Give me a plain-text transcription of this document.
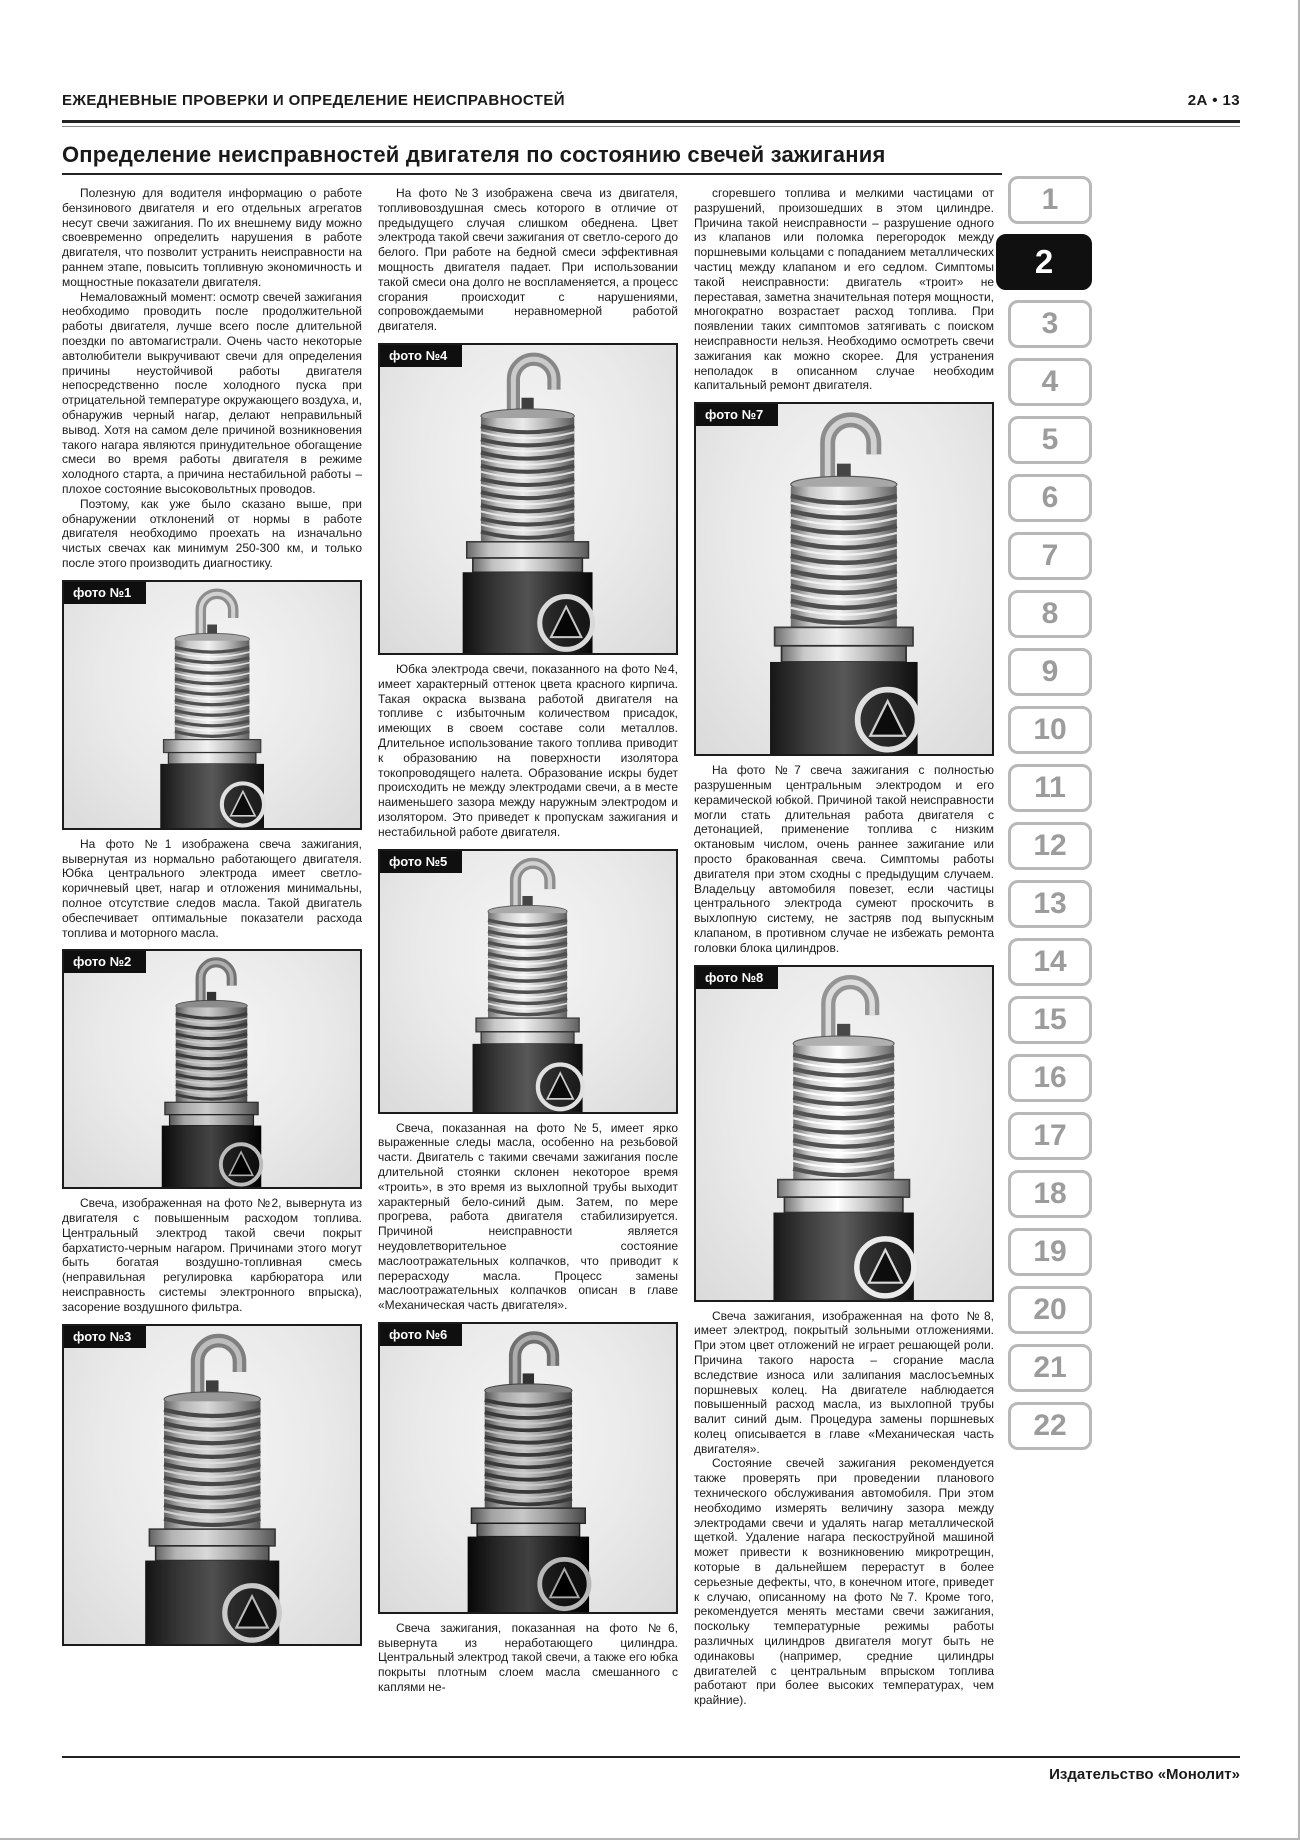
ЕЖЕДНЕВНЫЕ ПРОВЕРКИ И ОПРЕДЕЛЕНИЕ НЕИСПРАВНОСТЕЙ	2А • 13
Определение неисправностей двигателя по состоянию свечей зажигания

Полезную для водителя информацию о работе бензинового двигателя и его отдельных агрегатов несут свечи зажигания. По их внешнему виду можно своевременно определить нарушения в работе двигателя, что позволит устранить неисправности на раннем этапе, повысить топливную экономичность и мощностные показатели двигателя.

Немаловажный момент: осмотр свечей зажигания необходимо проводить после продолжительной работы двигателя, лучше всего после длительной поездки по автомагистрали. Очень часто некоторые автолюбители выкручивают свечи для определения причины неустойчивой работы двигателя непосредственно после холодного пуска при отрицательной температуре окружающего воздуха, и, обнаружив черный нагар, делают неправильный вывод. Хотя на самом деле причиной возникновения такого нагара являются принудительное обогащение смеси во время работы двигателя в режиме холодного старта, а причина нестабильной работы – плохое состояние высоковольтных проводов.

Поэтому, как уже было сказано выше, при обнаружении отклонений от нормы в работе двигателя необходимо проехать на изначально чистых свечах как минимум 250-300 км, и только после этого производить диагностику.

фото №1

На фото №1 изображена свеча зажигания, вывернутая из нормально работающего двигателя. Юбка центрального электрода имеет светло-коричневый цвет, нагар и отложения минимальны, полное отсутствие следов масла. Такой двигатель обеспечивает оптимальные показатели расхода топлива и моторного масла.

фото №2

Свеча, изображенная на фото №2, вывернута из двигателя с повышенным расходом топлива. Центральный электрод такой свечи покрыт бархатисто-черным нагаром. Причинами этого могут быть богатая воздушно-топливная смесь (неправильная регулировка карбюратора или неисправность системы электронного впрыска), засорение воздушного фильтра.

фото №3

На фото №3 изображена свеча из двигателя, топливовоздушная смесь которого в отличие от предыдущего случая слишком обеднена. Цвет электрода такой свечи зажигания от светло-серого до белого. При работе на бедной смеси эффективная мощность двигателя падает. При использовании такой смеси она долго не воспламеняется, а процесс сгорания происходит с нарушениями, сопровождаемыми неравномерной работой двигателя.

фото №4

Юбка электрода свечи, показанного на фото №4, имеет характерный оттенок цвета красного кирпича. Такая окраска вызвана работой двигателя на топливе с избыточным количеством присадок, имеющих в своем составе соли металлов. Длительное использование такого топлива приводит к образованию на поверхности изолятора токопроводящего налета. Образование искры будет происходить не между электродами свечи, а в месте наименьшего зазора между наружным электродом и изолятором. Это приведет к пропускам зажигания и нестабильной работе двигателя.

фото №5

Свеча, показанная на фото №5, имеет ярко выраженные следы масла, особенно на резьбовой части. Двигатель с такими свечами зажигания после длительной стоянки склонен некоторое время «троить», в это время из выхлопной трубы выходит характерный бело-синий дым. Затем, по мере прогрева, работа двигателя стабилизируется. Причиной неисправности является неудовлетворительное состояние маслоотражательных колпачков, что приводит к перерасходу масла. Процесс замены маслоотражательных колпачков описан в главе «Механическая часть двигателя».

фото №6

Свеча зажигания, показанная на фото №6, вывернута из неработающего цилиндра. Центральный электрод такой свечи, а также его юбка покрыты плотным слоем масла смешанного с каплями не-

сгоревшего топлива и мелкими частицами от разрушений, произошедших в этом цилиндре. Причина такой неисправности – разрушение одного из клапанов или поломка перегородок между поршневыми кольцами с попаданием металлических частиц между клапаном и его седлом. Симптомы такой неисправности: двигатель «троит» не переставая, заметна значительная потеря мощности, многократно возрастает расход топлива. При появлении таких симптомов затягивать с поиском неисправности нельзя. Необходимо осмотреть свечи зажигания как можно скорее. Для устранения неполадок в описанном случае необходим капитальный ремонт двигателя.

фото №7

На фото №7 свеча зажигания с полностью разрушенным центральным электродом и его керамической юбкой. Причиной такой неисправности могли стать длительная работа двигателя с детонацией, применение топлива с низким октановым числом, очень раннее зажигание или просто бракованная свеча. Симптомы работы двигателя при этом сходны с предыдущим случаем. Владельцу автомобиля повезет, если частицы центрального электрода сумеют проскочить в выхлопную систему, не застряв под выпускным клапаном, в противном случае не избежать ремонта головки блока цилиндров.

фото №8

Свеча зажигания, изображенная на фото №8, имеет электрод, покрытый зольными отложениями. При этом цвет отложений не играет решающей роли. Причина такого нароста – сгорание масла вследствие износа или залипания маслосъемных поршневых колец. На двигателе наблюдается повышенный расход масла, из выхлопной трубы валит синий дым. Процедура замены поршневых колец описывается в главе «Механическая часть двигателя».

Состояние свечей зажигания рекомендуется также проверять при проведении планового технического обслуживания автомобиля. При этом необходимо измерять величину зазора между электродами свечи и удалять нагар металлической щеткой. Удаление нагара пескоструйной машиной может привести к возникновению микротрещин, которые в дальнейшем перерастут в более серьезные дефекты, что, в конечном итоге, приведет к случаю, описанному на фото №7. Кроме того, рекомендуется менять местами свечи зажигания, поскольку температурные режимы работы различных цилиндров двигателя могут быть не одинаковы (например, средние цилиндры двигателей с центральным впрыском топлива работают при более высоких температурах, чем крайние).

1
2
3
4
5
6
7
8
9
10
11
12
13
14
15
16
17
18
19
20
21
22
Издательство «Монолит»
